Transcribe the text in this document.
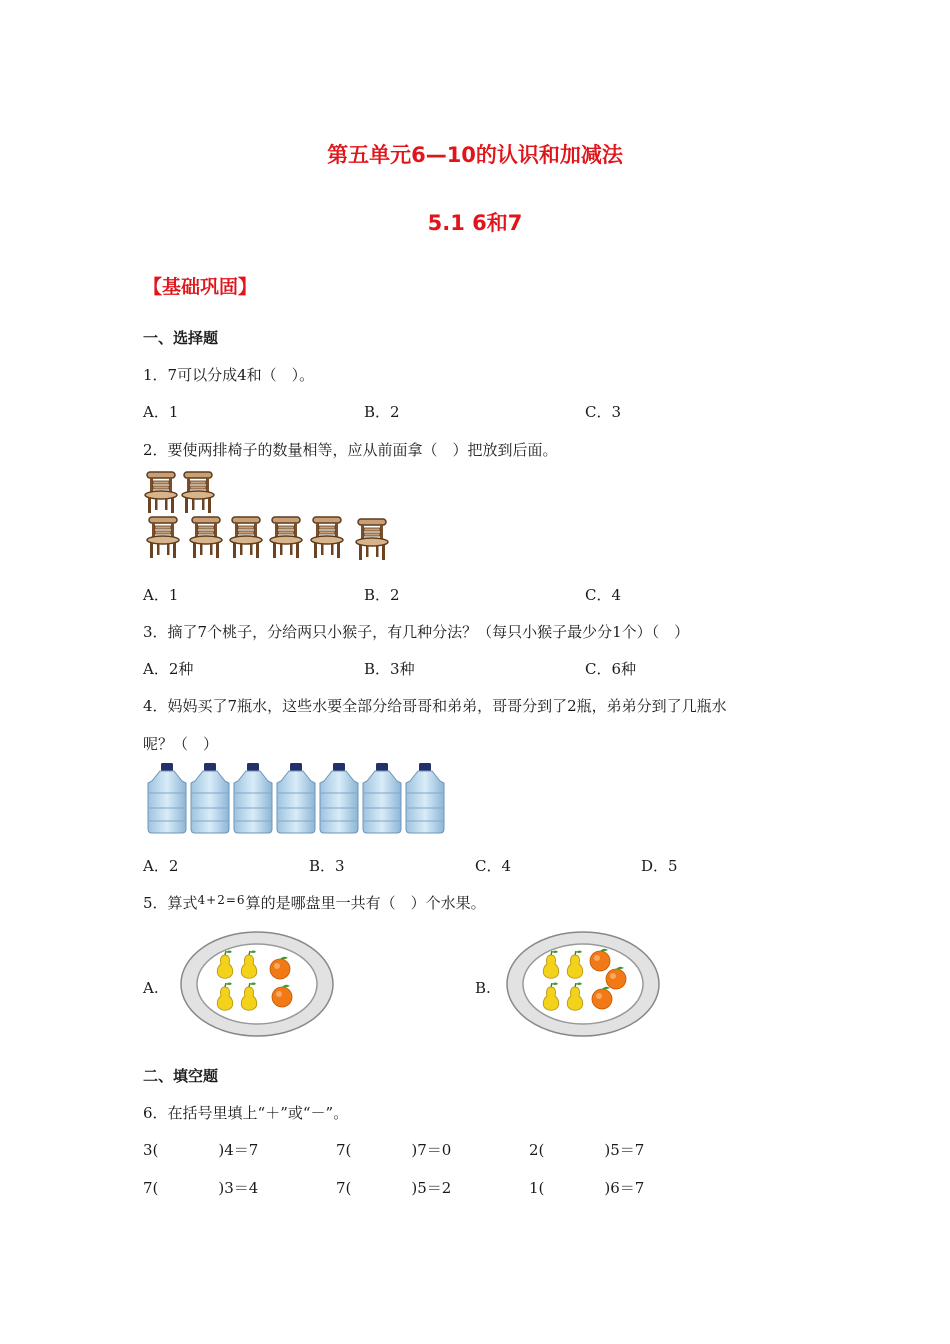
第五单元6—10的认识和加减法
5.1 6和7
【基础巩固】
一、选择题
1．7可以分成4和（　）。
A．1	B．2	C．3
2．要使两排椅子的数量相等，应从前面拿（　）把放到后面。
A．1	B．2	C．4
3．摘了7个桃子，分给两只小猴子，有几种分法？（每只小猴子最少分1个）（　）
A．2种	B．3种	C．6种
4．妈妈买了7瓶水，这些水要全部分给哥哥和弟弟，哥哥分到了2瓶，弟弟分到了几瓶水
呢？（　）
A．2	B．3	C．4	D．5
5．算式$^{4+2=6}$算的是哪盘里一共有（　）个水果。
A.	B.
二、填空题
6．在括号里填上“＋”或“－”。
3(　　　　)4＝7	7(　　　　)7＝0	2(　　　　)5＝7
7(　　　　)3＝4	7(　　　　)5＝2	1(　　　　)6＝7
